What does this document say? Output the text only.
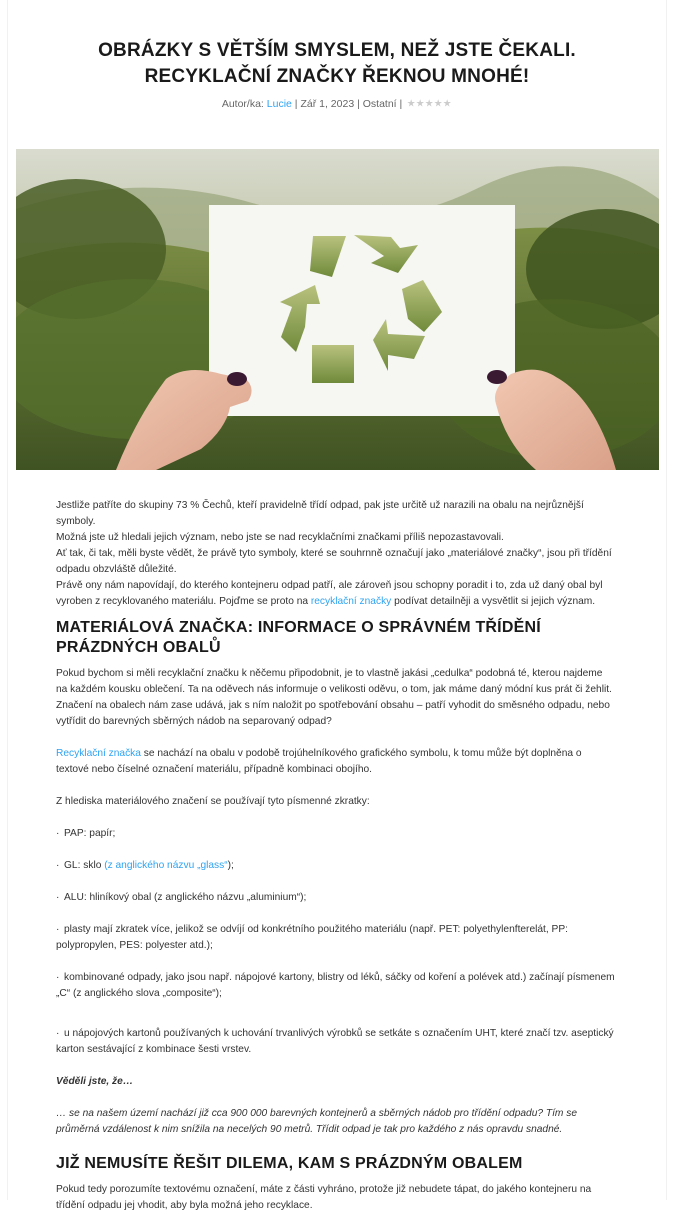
OBRÁZKY S VĚTŠÍM SMYSLEM, NEŽ JSTE ČEKALI. RECYKLAČNÍ ZNAČKY ŘEKNOU MNOHÉ!
Autor/ka: Lucie | Zář 1, 2023 | Ostatní |

Jestliže patříte do skupiny 73 % Čechů, kteří pravidelně třídí odpad, pak jste určitě už narazili na obalu na nejrůznější symboly.

Možná jste už hledali jejich význam, nebo jste se nad recyklačními značkami příliš nepozastavovali.

Ať tak, či tak, měli byste vědět, že právě tyto symboly, které se souhrnně označují jako „materiálové značky“, jsou při třídění odpadu obzvláště důležité.

Právě ony nám napovídají, do kterého kontejneru odpad patří, ale zároveň jsou schopny poradit i to, zda už daný obal byl vyroben z recyklovaného materiálu. Pojďme se proto na recyklační značky podívat detailněji a vysvětlit si jejich význam.

MATERIÁLOVÁ ZNAČKA: INFORMACE O SPRÁVNÉM TŘÍDĚNÍ PRÁZDNÝCH OBALŮ

Pokud bychom si měli recyklační značku k něčemu připodobnit, je to vlastně jakási „cedulka“ podobná té, kterou najdeme na každém kousku oblečení. Ta na oděvech nás informuje o velikosti oděvu, o tom, jak máme daný módní kus prát či žehlit.

Značení na obalech nám zase udává, jak s ním naložit po spotřebování obsahu – patří vyhodit do směsného odpadu, nebo vytřídit do barevných sběrných nádob na separovaný odpad?

Recyklační značka se nachází na obalu v podobě trojúhelníkového grafického symbolu, k tomu může být doplněna o textové nebo číselné označení materiálu, případně kombinaci obojího.

Z hlediska materiálového značení se používají tyto písmenné zkratky:

· PAP: papír;

· GL: sklo (z anglického názvu „glass“);

· ALU: hliníkový obal (z anglického názvu „aluminium“);

· plasty mají zkratek více, jelikož se odvíjí od konkrétního použitého materiálu (např. PET: polyethylenfterelát, PP: polypropylen, PES: polyester atd.);

· kombinované odpady, jako jsou např. nápojové kartony, blistry od léků, sáčky od koření a polévek atd.) začínají písmenem „C“ (z anglického slova „composite“);

· u nápojových kartonů používaných k uchování trvanlivých výrobků se setkáte s označením UHT, které značí tzv. aseptický karton sestávající z kombinace šesti vrstev.

Věděli jste, že…

… se na našem území nachází již cca 900 000 barevných kontejnerů a sběrných nádob pro třídění odpadu? Tím se průměrná vzdálenost k nim snížila na necelých 90 metrů. Třídit odpad je tak pro každého z nás opravdu snadné.

JIŽ NEMUSÍTE ŘEŠIT DILEMA, KAM S PRÁZDNÝM OBALEM

Pokud tedy porozumíte textovému označení, máte z části vyhráno, protože již nebudete tápat, do jakého kontejneru na třídění odpadu jej vhodit, aby byla možná jeho recyklace.
